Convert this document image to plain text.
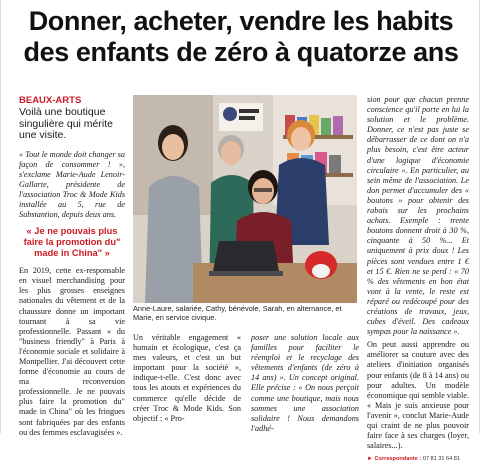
Donner, acheter, vendre les habits des enfants de zéro à quatorze ans
BEAUX-ARTS
Voilà une boutique singulière qui mérite une visite.

« Tout le monde doit changer sa façon de consommer ! », s'exclame Marie-Aude Lenoir-Gallarte, présidente de l'association Troc & Mode Kids installée au 5, rue de Substantion, depuis deux ans.

« Je ne pouvais plus faire la promotion du" made in China" »

En 2019, cette ex-responsable en visuel merchandising pour les plus grosses enseignes nationales du vêtement et de la chaussure donne un important tournant à sa vie professionnelle. Passant « du "business friendly" à Paris à l'économie sociale et solidaire à Montpellier. J'ai découvert cette forme d'économie au cours de ma reconversion professionnelle. Je ne pouvais plus faire la promotion du" made in China" où les fringues sont fabriquées par des enfants ou des femmes esclavagisées ».

Anne-Laure, salariée, Cathy, bénévole, Sarah, en alternance, et Marie, en service civique.

Un véritable engagement « humain et écologique, c'est ça mes valeurs, et c'est un but important pour la société », indique-t-elle. C'est donc avec tous les atouts et expériences du commerce qu'elle décide de créer Troc & Mode Kids. Son objectif : « Pro-

poser une solution locale aux familles pour faciliter le réemploi et le recyclage des vêtements d'enfants (de zéro à 14 ans) ». Un concept original. Elle précise : « On nous perçoit comme une boutique, mais nous sommes une association solidaire ! Nous demandons l'adhé-

sion pour que chacun prenne conscience qu'il porte en lui la solution et le problème. Donner, ce n'est pas juste se débarrasser de ce dont on n'a plus besoin, c'est être acteur d'une logique d'économie circulaire ». En particulier, au sein même de l'association. Le don permet d'accumuler des « boutons » pour obtenir des rabais sur les prochains achats. Exemple : trente boutons donnent droit à 30 %, cinquante à 50 %... Et uniquement à prix doux ! Les pièces sont vendues entre 1 € et 15 €. Rien ne se perd : « 70 % des vêtements en bon état vont à la vente, le reste est réparé ou redécoupé pour des créations de travaux, jeux, cubes d'éveil. Des cadeaux sympas pour la naissance ».

On peut aussi apprendre ou améliorer sa couture avec des ateliers d'initiation organisés pour enfants (de 8 à 14 ans) ou pour adultes. Un modèle économique qui semble viable. « Mais je suis anxieuse pour l'avenir », conclut Marie-Aude qui craint de ne plus pouvoir faire face à ses charges (loyer, salaires...).

► Correspondante : 07 81 31 64 81
